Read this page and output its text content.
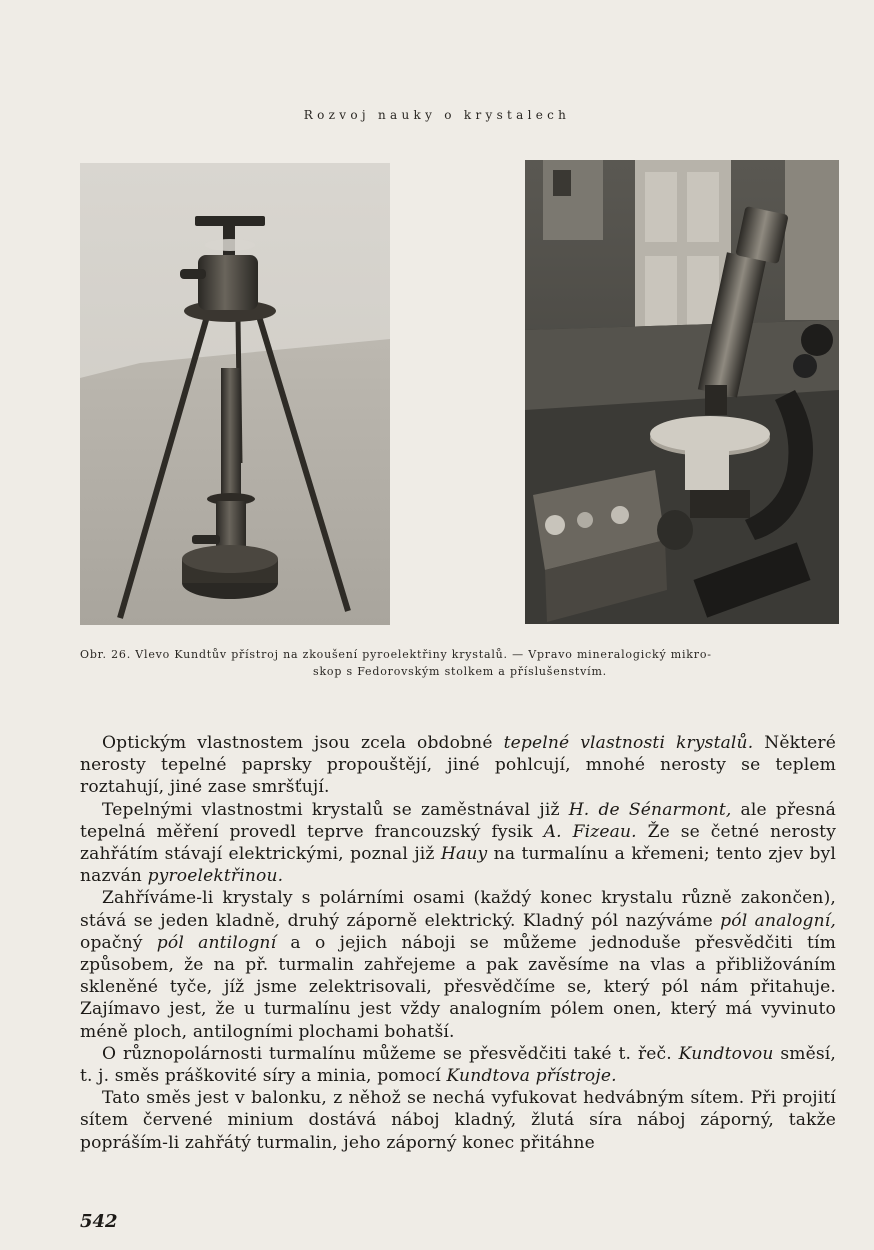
Rozvoj nauky o krystalech
Obr. 26. Vlevo Kundtův přístroj na zkoušení pyroelektřiny krystalů. — Vpravo mineralogický mikro-
skop s Fedorovským stolkem a příslušenstvím.

Optickým vlastnostem jsou zcela obdobné tepelné vlastnosti krystalů. Některé nerosty tepelné paprsky propouštějí, jiné pohlcují, mnohé nerosty se teplem roztahují, jiné zase smršťují.

Tepelnými vlastnostmi krystalů se zaměstnával již H. de Sénarmont, ale přesná tepelná měření provedl teprve francouzský fysik A. Fizeau. Že se četné nerosty zahřátím stávají elektrickými, poznal již Hauy na turmalínu a křemeni; tento zjev byl nazván pyroelektřinou.

Zahříváme-li krystaly s polárními osami (každý konec krystalu různě zakončen), stává se jeden kladně, druhý záporně elektrický. Kladný pól nazýváme pól analogní, opačný pól antilogní a o jejich náboji se můžeme jednoduše přesvědčiti tím způsobem, že na př. turmalin zahřejeme a pak zavěsíme na vlas a přibližováním skleněné tyče, jíž jsme zelektrisovali, přesvědčíme se, který pól nám přitahuje. Zajímavo jest, že u turmalínu jest vždy analogním pólem onen, který má vyvinuto méně ploch, antilogními plochami bohatší.

O různopolárnosti turmalínu můžeme se přesvědčiti také t. řeč. Kundtovou směsí, t. j. směs práškovité síry a minia, pomocí Kundtova přístroje.

Tato směs jest v balonku, z něhož se nechá vyfukovat hedvábným sítem. Při projití sítem červené minium dostává náboj kladný, žlutá síra náboj záporný, takže popráším-li zahřátý turmalin, jeho záporný konec přitáhne

542
